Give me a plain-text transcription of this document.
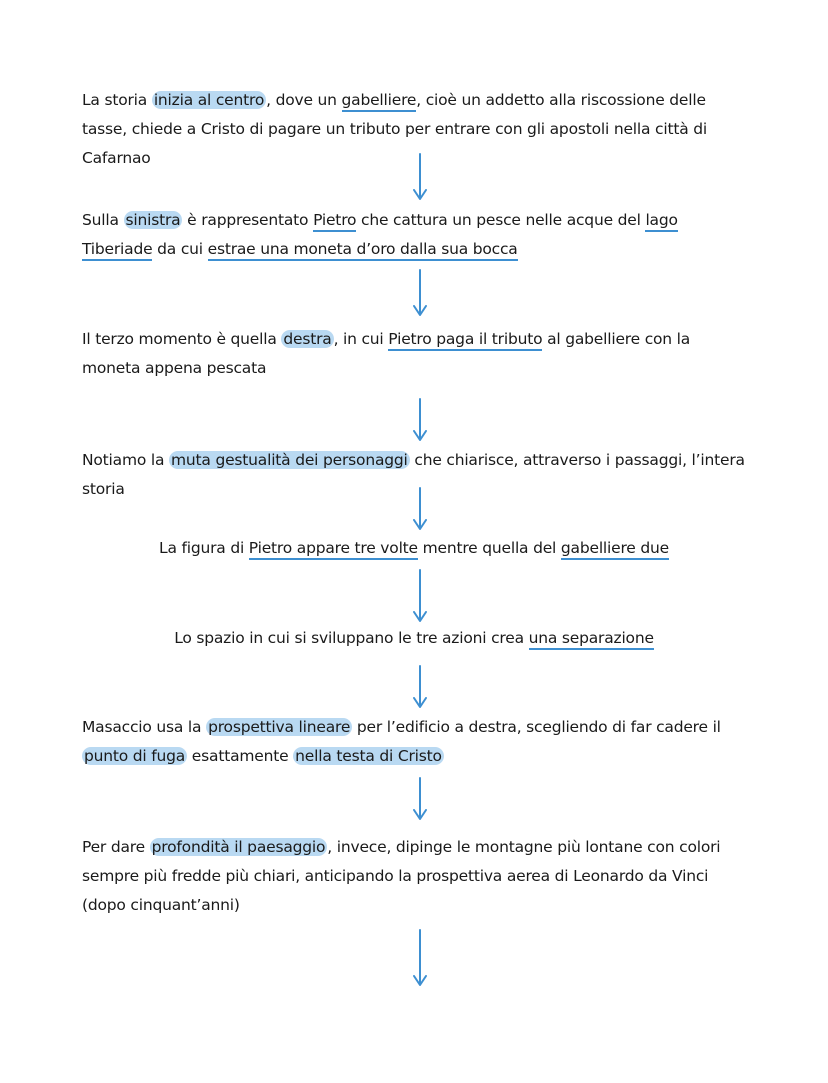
La storia inizia al centro , dove un gabelliere, cioè un addetto alla riscossione delle tasse, chiede a Cristo di pagare un tributo per entrare con gli apostoli nella città di Cafarnao
Sulla sinistra è rappresentato Pietro che cattura un pesce nelle acque del lago Tiberiade da cui estrae una moneta d’oro dalla sua bocca
Il terzo momento è quella destra , in cui Pietro paga il tributo al gabelliere con la moneta appena pescata
Notiamo la muta gestualità dei personaggi che chiarisce, attraverso i passaggi, l’intera storia
La figura di Pietro appare tre volte mentre quella del gabelliere due
Lo spazio in cui si sviluppano le tre azioni crea una separazione
Masaccio usa la prospettiva lineare per l’edificio a destra, scegliendo di far cadere il punto di fuga esattamente nella testa di Cristo
Per dare profondità il paesaggio , invece, dipinge le montagne più lontane con colori sempre più fredde più chiari, anticipando la prospettiva aerea di Leonardo da Vinci (dopo cinquant’anni)
